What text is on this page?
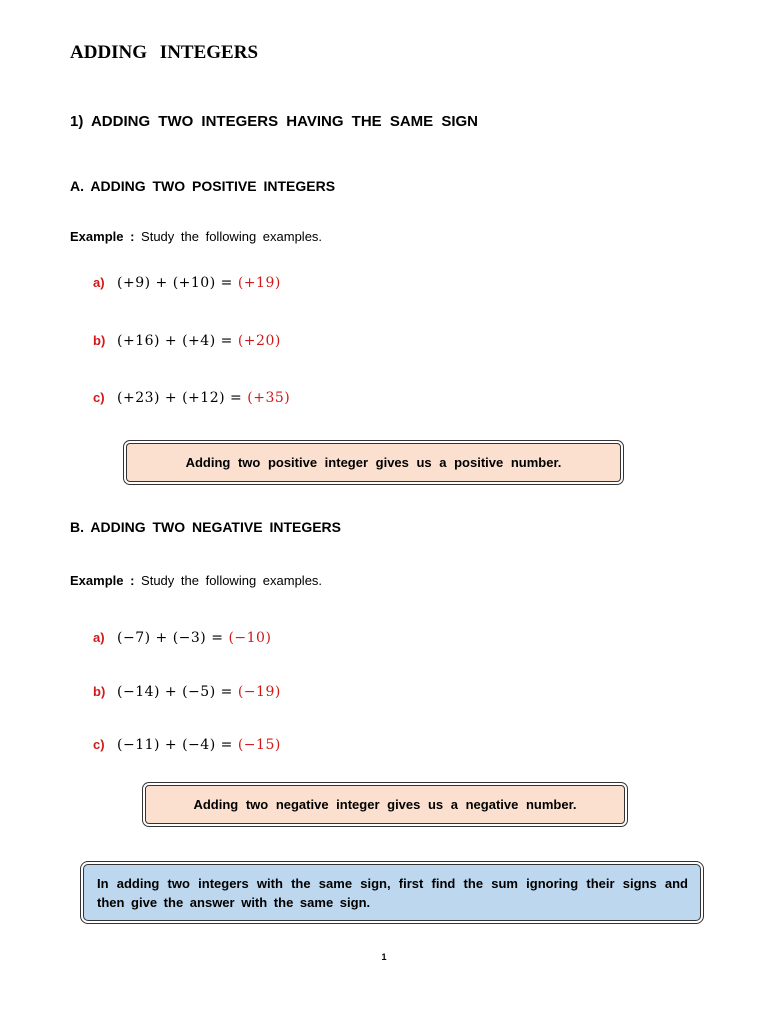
ADDING INTEGERS
1) ADDING TWO INTEGERS HAVING THE SAME SIGN
A. ADDING TWO POSITIVE INTEGERS
Example : Study the following examples.
a) (+9) + (+10) = (+19)
b) (+16) + (+4) = (+20)
c) (+23) + (+12) = (+35)
Adding two positive integer gives us a positive number.
B. ADDING TWO NEGATIVE INTEGERS
Example : Study the following examples.
a) (−7) + (−3) = (−10)
b) (−14) + (−5) = (−19)
c) (−11) + (−4) = (−15)
Adding two negative integer gives us a negative number.
In adding two integers with the same sign, first find the sum ignoring their signs and then give the answer with the same sign.
1
